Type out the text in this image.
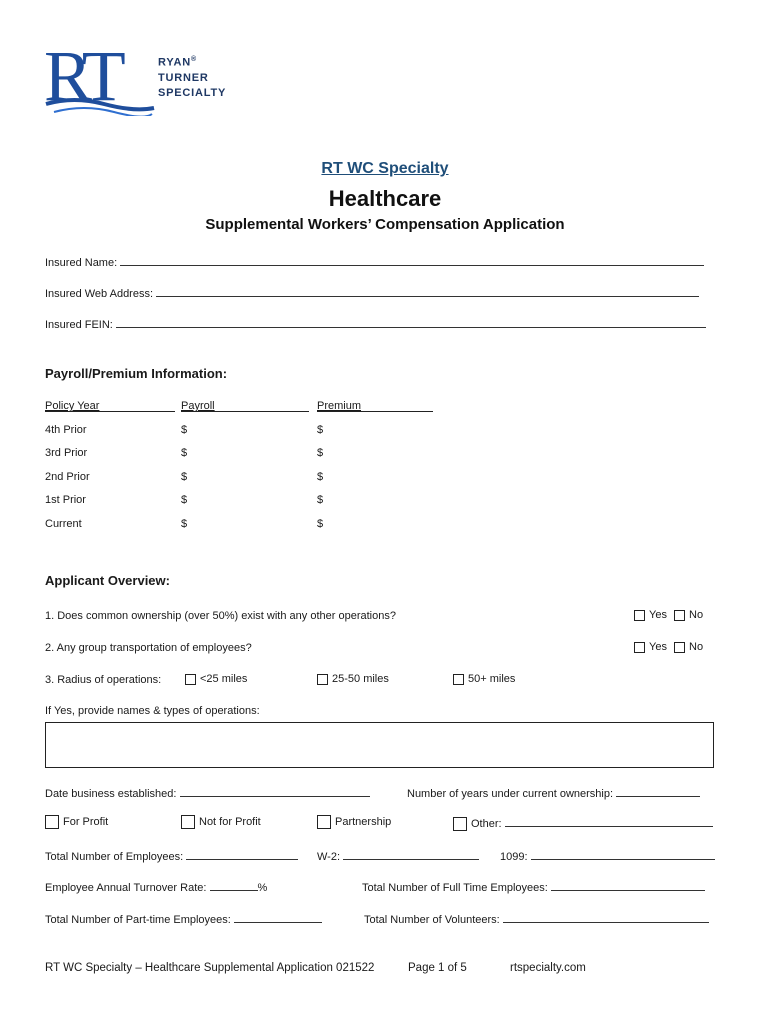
RT	RYAN®
TURNER
SPECIALTY
RT WC Specialty
Healthcare
Supplemental Workers’ Compensation Application
Insured Name:
Insured Web Address:
Insured FEIN:
Payroll/Premium Information:
Policy Year	Payroll	Premium
4th Prior	$	$
3rd Prior	$	$
2nd Prior	$	$
1st Prior	$	$
Current	$	$
Applicant Overview:
1. Does common ownership (over 50%) exist with any other operations?	Yes No
2. Any group transportation of employees?	Yes No
3. Radius of operations:	<25 miles	25-50 miles	50+ miles
If Yes, provide names & types of operations:
Date business established:	Number of years under current ownership:
For Profit	Not for Profit	Partnership	Other:
Total Number of Employees:	W-2:	1099:
Employee Annual Turnover Rate:	%	Total Number of Full Time Employees:
Total Number of Part-time Employees:	Total Number of Volunteers:
RT WC Specialty – Healthcare Supplemental Application 021522	Page 1 of 5	rtspecialty.com
